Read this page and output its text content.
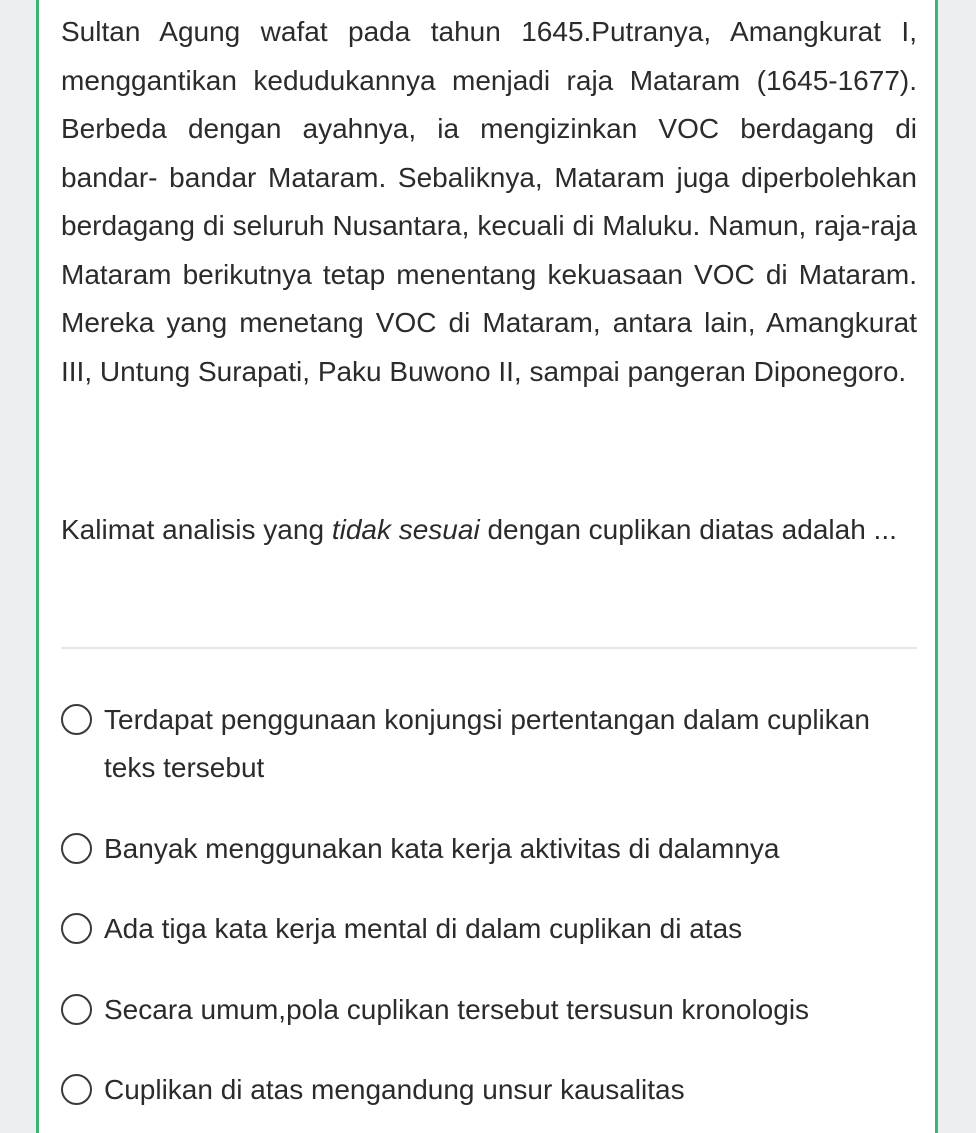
Sultan Agung wafat pada tahun 1645.Putranya, Amangkurat I, menggantikan kedudukannya menjadi raja Mataram (1645-1677). Berbeda dengan ayahnya, ia mengizinkan VOC berdagang di bandar- bandar Mataram. Sebaliknya, Mataram juga diperbolehkan berdagang di seluruh Nusantara, kecuali di Maluku. Namun, raja-raja Mataram berikutnya tetap menentang kekuasaan VOC di Mataram. Mereka yang menetang VOC di Mataram, antara lain, Amangkurat III, Untung Surapati, Paku Buwono II, sampai pangeran Diponegoro.

Kalimat analisis yang tidak sesuai dengan cuplikan diatas adalah ...

Terdapat penggunaan konjungsi pertentangan dalam cuplikan teks tersebut
Banyak menggunakan kata kerja aktivitas di dalamnya
Ada tiga kata kerja mental di dalam cuplikan di atas
Secara umum,pola cuplikan tersebut tersusun kronologis
Cuplikan di atas mengandung unsur kausalitas
